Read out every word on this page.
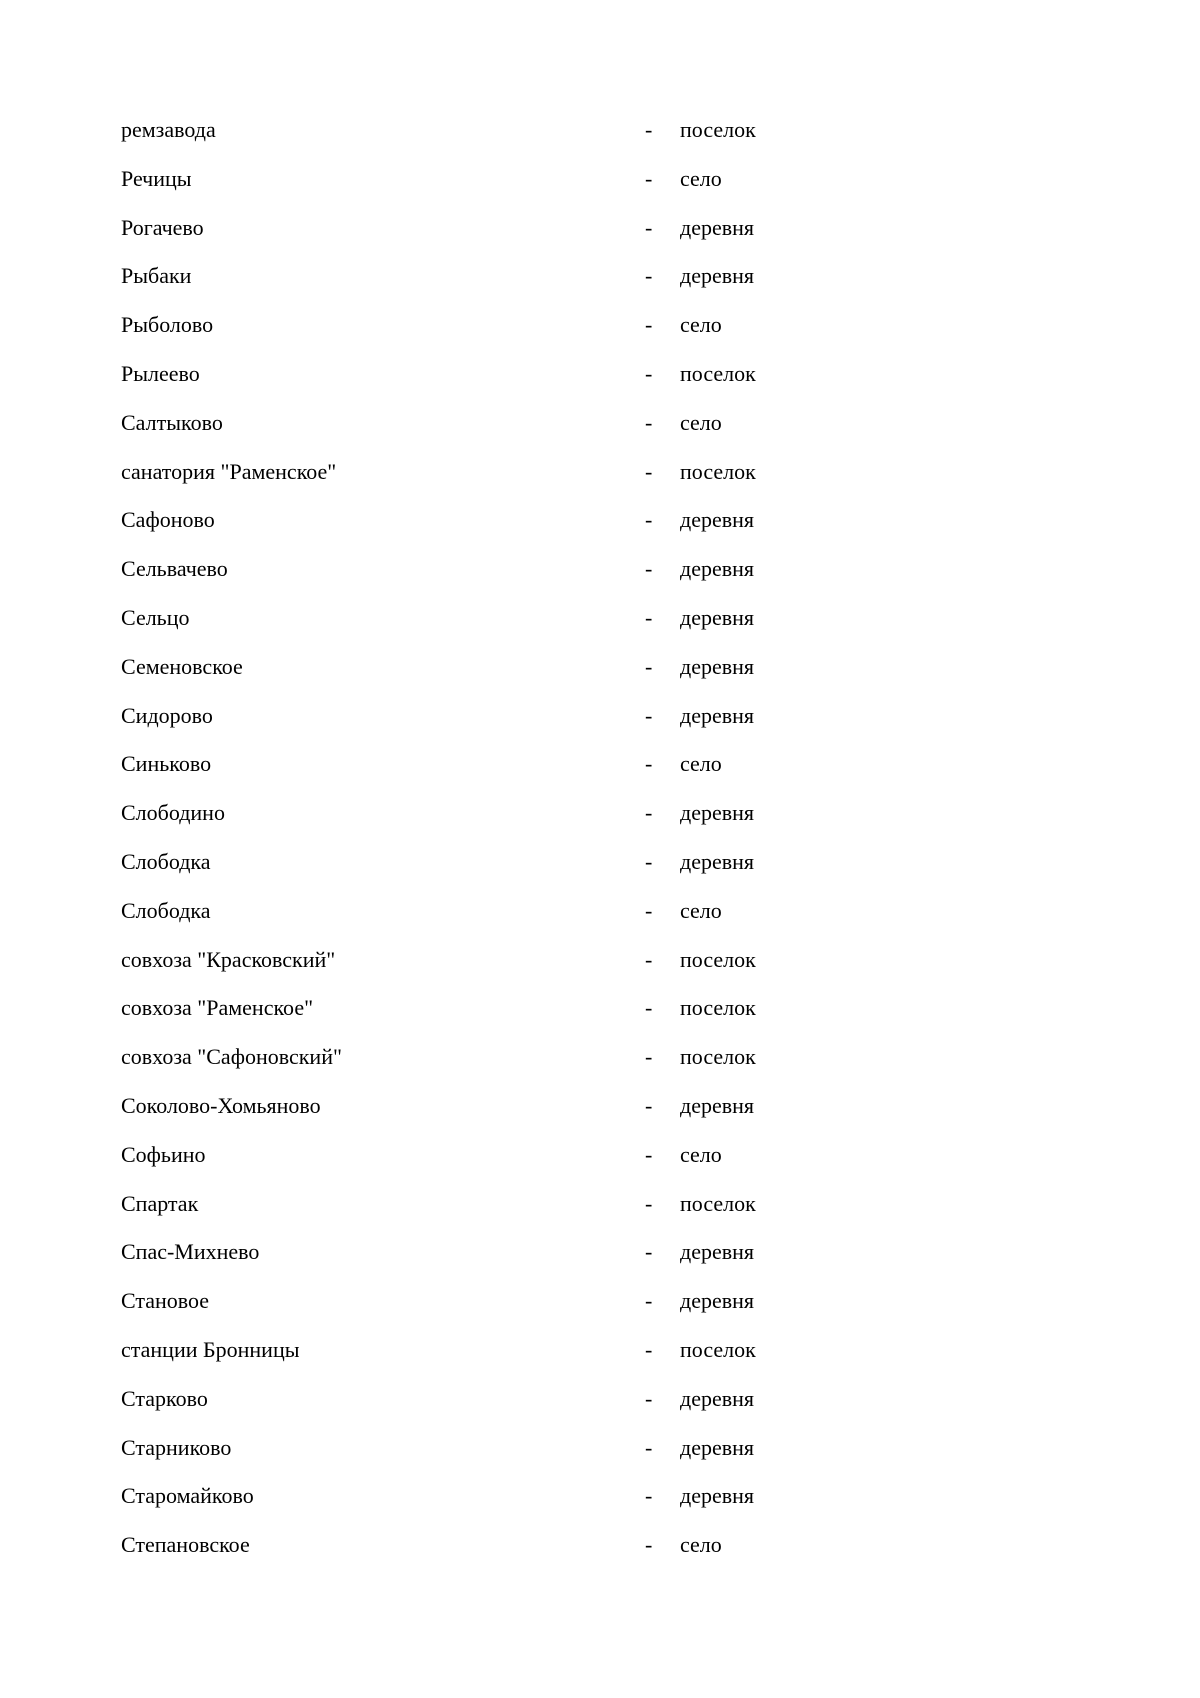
ремзавода	- поселок
Речицы	- село
Рогачево	- деревня
Рыбаки	- деревня
Рыболово	- село
Рылеево	- поселок
Салтыково	- село
санатория "Раменское"	- поселок
Сафоново	- деревня
Сельвачево	- деревня
Сельцо	- деревня
Семеновское	- деревня
Сидорово	- деревня
Синьково	- село
Слободино	- деревня
Слободка	- деревня
Слободка	- село
совхоза "Красковский"	- поселок
совхоза "Раменское"	- поселок
совхоза "Сафоновский"	- поселок
Соколово-Хомьяново	- деревня
Софьино	- село
Спартак	- поселок
Спас-Михнево	- деревня
Становое	- деревня
станции Бронницы	- поселок
Старково	- деревня
Старниково	- деревня
Старомайково	- деревня
Степановское	- село
